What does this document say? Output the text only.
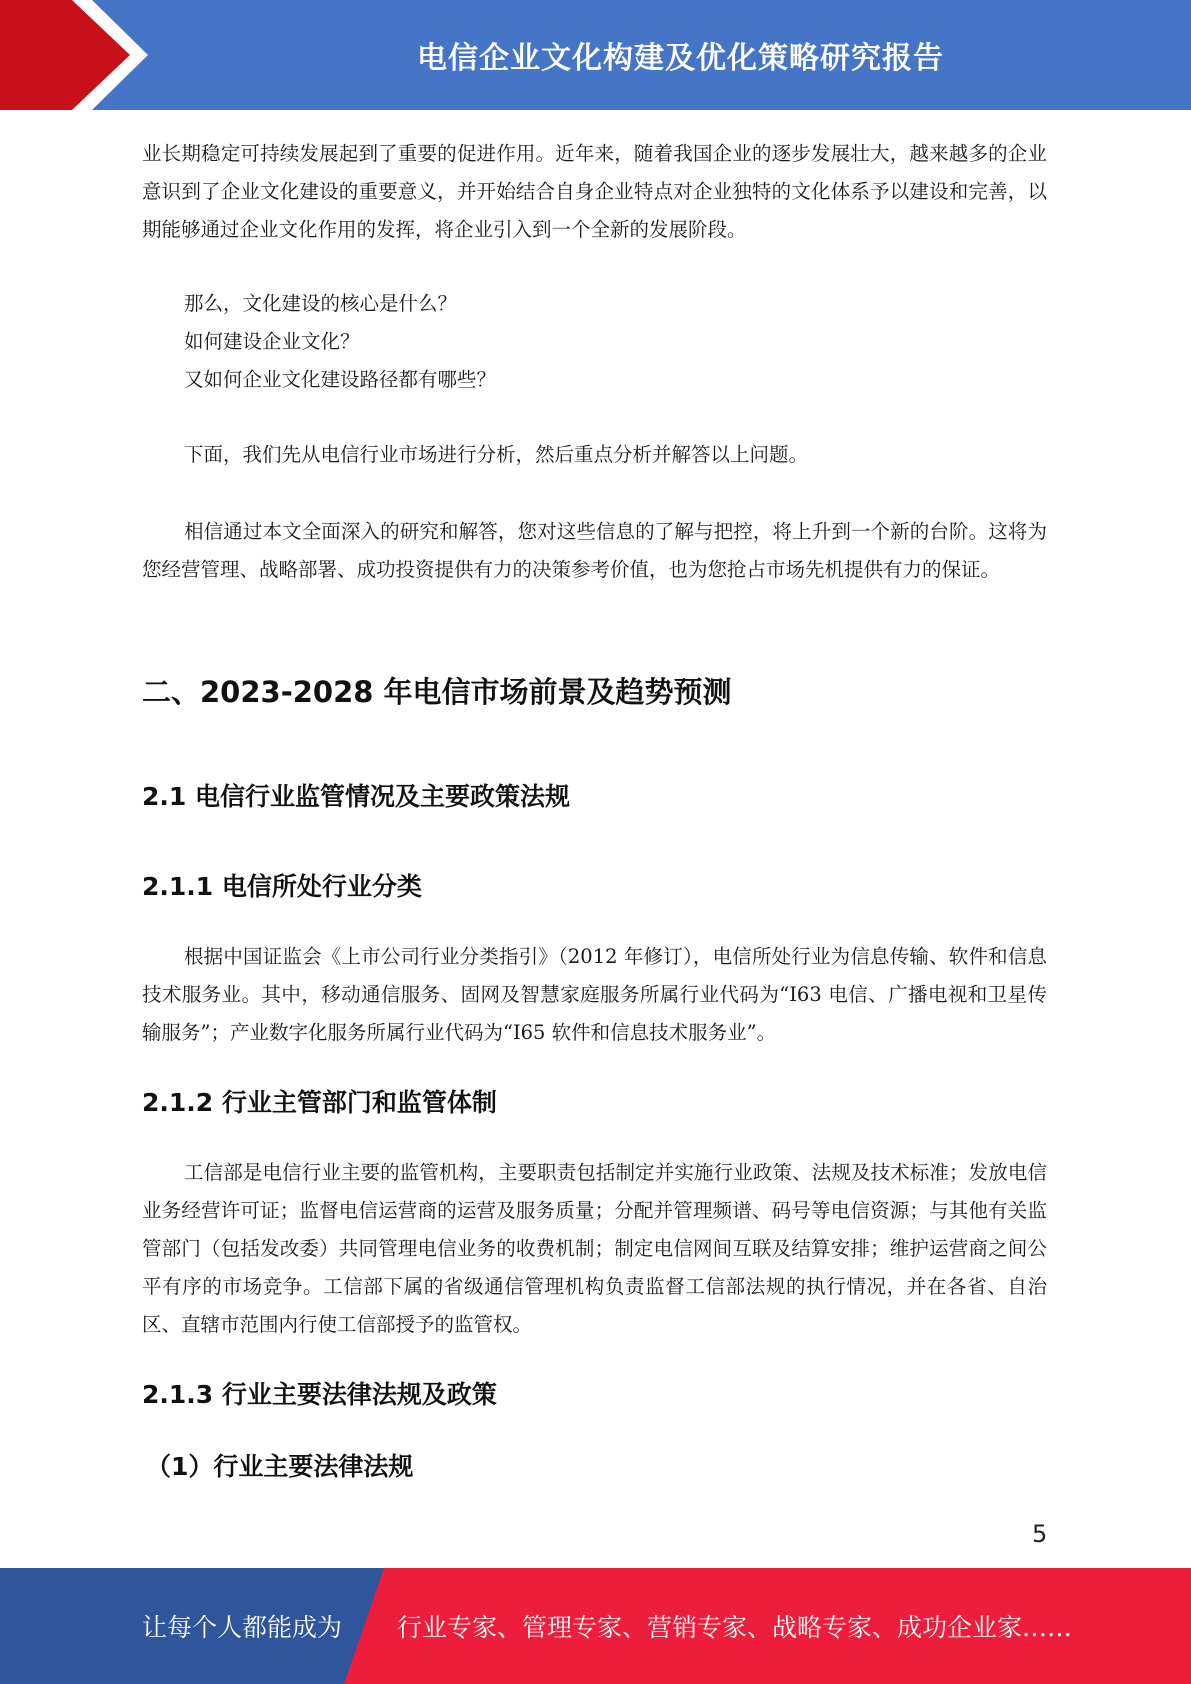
电信企业文化构建及优化策略研究报告
业长期稳定可持续发展起到了重要的促进作用。近年来，随着我国企业的逐步发展壮大，越来越多的企业意识到了企业文化建设的重要意义，并开始结合自身企业特点对企业独特的文化体系予以建设和完善，以期能够通过企业文化作用的发挥，将企业引入到一个全新的发展阶段。
那么，文化建设的核心是什么？
如何建设企业文化？
又如何企业文化建设路径都有哪些？
下面，我们先从电信行业市场进行分析，然后重点分析并解答以上问题。
相信通过本文全面深入的研究和解答，您对这些信息的了解与把控，将上升到一个新的台阶。这将为您经营管理、战略部署、成功投资提供有力的决策参考价值，也为您抢占市场先机提供有力的保证。
二、2023-2028 年电信市场前景及趋势预测
2.1 电信行业监管情况及主要政策法规
2.1.1 电信所处行业分类
根据中国证监会《上市公司行业分类指引》（2012 年修订），电信所处行业为信息传输、软件和信息技术服务业。其中，移动通信服务、固网及智慧家庭服务所属行业代码为“I63 电信、广播电视和卫星传输服务”；产业数字化服务所属行业代码为“I65 软件和信息技术服务业”。
2.1.2 行业主管部门和监管体制
工信部是电信行业主要的监管机构，主要职责包括制定并实施行业政策、法规及技术标准；发放电信业务经营许可证；监督电信运营商的运营及服务质量；分配并管理频谱、码号等电信资源；与其他有关监管部门（包括发改委）共同管理电信业务的收费机制；制定电信网间互联及结算安排；维护运营商之间公平有序的市场竞争。工信部下属的省级通信管理机构负责监督工信部法规的执行情况，并在各省、自治区、直辖市范围内行使工信部授予的监管权。
2.1.3 行业主要法律法规及政策
（1）行业主要法律法规
5
让每个人都能成为 行业专家、管理专家、营销专家、战略专家、成功企业家……
